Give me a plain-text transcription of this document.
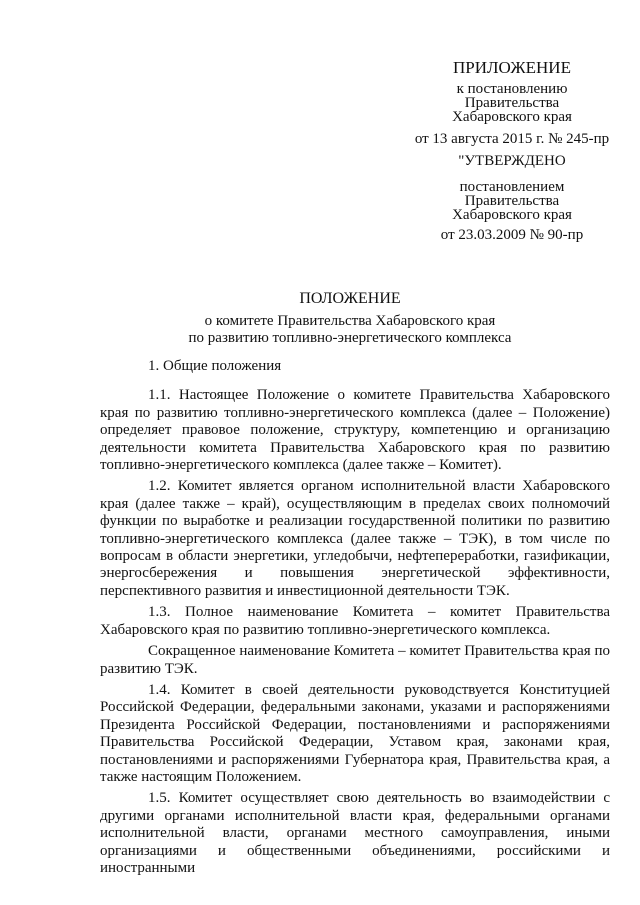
ПРИЛОЖЕНИЕ
к постановлению
Правительства
Хабаровского края
от 13 августа 2015 г. № 245-пр
"УТВЕРЖДЕНО
постановлением
Правительства
Хабаровского края
от 23.03.2009 № 90-пр
ПОЛОЖЕНИЕ
о комитете Правительства Хабаровского края
по развитию топливно-энергетического комплекса

1. Общие положения

1.1. Настоящее Положение о комитете Правительства Хабаровского края по развитию топливно-энергетического комплекса (далее – Положение) определяет правовое положение, структуру, компетенцию и организацию деятельности комитета Правительства Хабаровского края по развитию топливно-энергетического комплекса (далее также – Комитет).

1.2. Комитет является органом исполнительной власти Хабаровского края (далее также – край), осуществляющим в пределах своих полномочий функции по выработке и реализации государственной политики по развитию топливно-энергетического комплекса (далее также – ТЭК), в том числе по вопросам в области энергетики, угледобычи, нефтепереработки, газификации, энергосбережения и повышения энергетической эффективности, перспективного развития и инвестиционной деятельности ТЭК.

1.3. Полное наименование Комитета – комитет Правительства Хабаровского края по развитию топливно-энергетического комплекса.

Сокращенное наименование Комитета – комитет Правительства края по развитию ТЭК.

1.4. Комитет в своей деятельности руководствуется Конституцией Российской Федерации, федеральными законами, указами и распоряжениями Президента Российской Федерации, постановлениями и распоряжениями Правительства Российской Федерации, Уставом края, законами края, постановлениями и распоряжениями Губернатора края, Правительства края, а также настоящим Положением.

1.5. Комитет осуществляет свою деятельность во взаимодействии с другими органами исполнительной власти края, федеральными органами исполнительной власти, органами местного самоуправления, иными организациями и общественными объединениями, российскими и иностранными
